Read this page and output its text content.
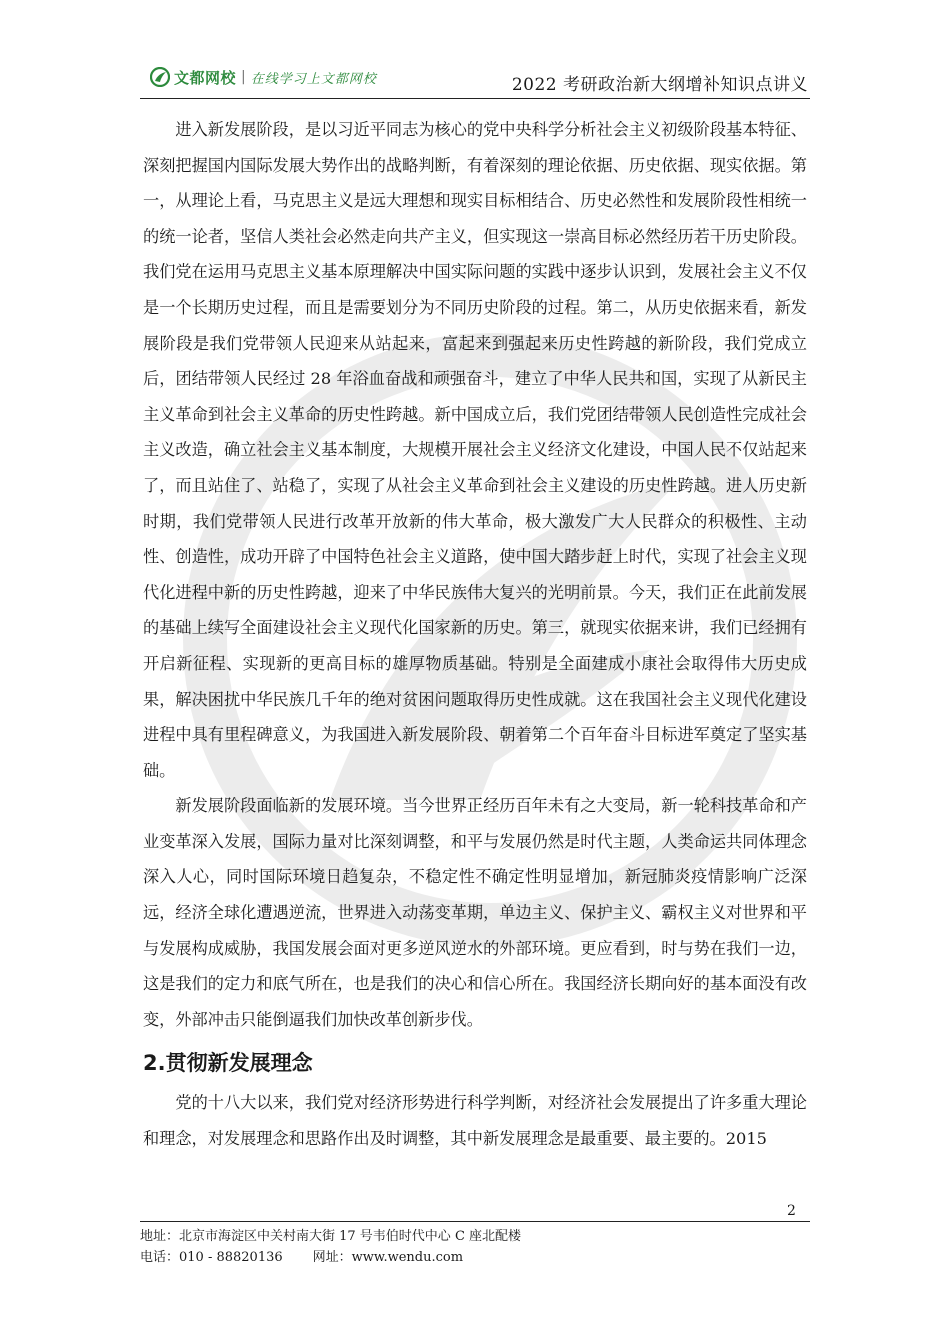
文都网校 | 在线学习上文都网校	2022 考研政治新大纲增补知识点讲义

进入新发展阶段，是以习近平同志为核心的党中央科学分析社会主义初级阶段基本特征、深刻把握国内国际发展大势作出的战略判断，有着深刻的理论依据、历史依据、现实依据。第一，从理论上看，马克思主义是远大理想和现实目标相结合、历史必然性和发展阶段性相统一的统一论者，坚信人类社会必然走向共产主义，但实现这一崇高目标必然经历若干历史阶段。我们党在运用马克思主义基本原理解决中国实际问题的实践中逐步认识到，发展社会主义不仅是一个长期历史过程，而且是需要划分为不同历史阶段的过程。第二，从历史依据来看，新发展阶段是我们党带领人民迎来从站起来，富起来到强起来历史性跨越的新阶段，我们党成立后，团结带领人民经过 28 年浴血奋战和顽强奋斗，建立了中华人民共和国，实现了从新民主主义革命到社会主义革命的历史性跨越。新中国成立后，我们党团结带领人民创造性完成社会主义改造，确立社会主义基本制度，大规模开展社会主义经济文化建设，中国人民不仅站起来了，而且站住了、站稳了，实现了从社会主义革命到社会主义建设的历史性跨越。进人历史新时期，我们党带领人民进行改革开放新的伟大革命，极大激发广大人民群众的积极性、主动性、创造性，成功开辟了中国特色社会主义道路，使中国大踏步赶上时代，实现了社会主义现代化进程中新的历史性跨越，迎来了中华民族伟大复兴的光明前景。今天，我们正在此前发展的基础上续写全面建设社会主义现代化国家新的历史。第三，就现实依据来讲，我们已经拥有开启新征程、实现新的更高目标的雄厚物质基础。特别是全面建成小康社会取得伟大历史成果，解决困扰中华民族几千年的绝对贫困问题取得历史性成就。这在我国社会主义现代化建设进程中具有里程碑意义，为我国进入新发展阶段、朝着第二个百年奋斗目标进军奠定了坚实基础。

新发展阶段面临新的发展环境。当今世界正经历百年未有之大变局，新一轮科技革命和产业变革深入发展，国际力量对比深刻调整，和平与发展仍然是时代主题，人类命运共同体理念深入人心，同时国际环境日趋复杂，不稳定性不确定性明显增加，新冠肺炎疫情影响广泛深远，经济全球化遭遇逆流，世界进入动荡变革期，单边主义、保护主义、霸权主义对世界和平与发展构成威胁，我国发展会面对更多逆风逆水的外部环境。更应看到，时与势在我们一边，这是我们的定力和底气所在，也是我们的决心和信心所在。我国经济长期向好的基本面没有改变，外部冲击只能倒逼我们加快改革创新步伐。

2.贯彻新发展理念

党的十八大以来，我们党对经济形势进行科学判断，对经济社会发展提出了许多重大理论和理念，对发展理念和思路作出及时调整，其中新发展理念是最重要、最主要的。2015

2
地址：北京市海淀区中关村南大街 17 号韦伯时代中心 C 座北配楼
电话：010 - 88820136 网址：www.wendu.com
